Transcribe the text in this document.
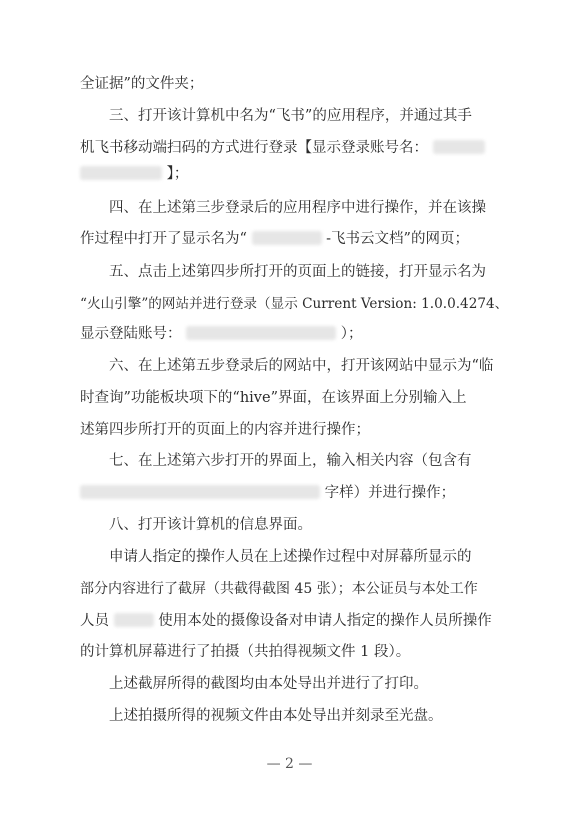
全证据”的文件夹；
三、打开该计算机中名为“飞书”的应用程序，并通过其手
机飞书移动端扫码的方式进行登录【显示登录账号名：
】；
四、在上述第三步登录后的应用程序中进行操作，并在该操
作过程中打开了显示名为“	-飞书云文档”的网页；
五、点击上述第四步所打开的页面上的链接，打开显示名为
“火山引擎”的网站并进行登录（显示 Current Version: 1.0.0.4274、
显示登陆账号：	）；
六、在上述第五步登录后的网站中，打开该网站中显示为“临
时查询”功能板块项下的“hive”界面，在该界面上分别输入上
述第四步所打开的页面上的内容并进行操作；
七、在上述第六步打开的界面上，输入相关内容（包含有
字样）并进行操作；
八、打开该计算机的信息界面。
申请人指定的操作人员在上述操作过程中对屏幕所显示的
部分内容进行了截屏（共截得截图 45 张）；本公证员与本处工作
人员	使用本处的摄像设备对申请人指定的操作人员所操作
的计算机屏幕进行了拍摄（共拍得视频文件 1 段）。
上述截屏所得的截图均由本处导出并进行了打印。
上述拍摄所得的视频文件由本处导出并刻录至光盘。
— 2 —
